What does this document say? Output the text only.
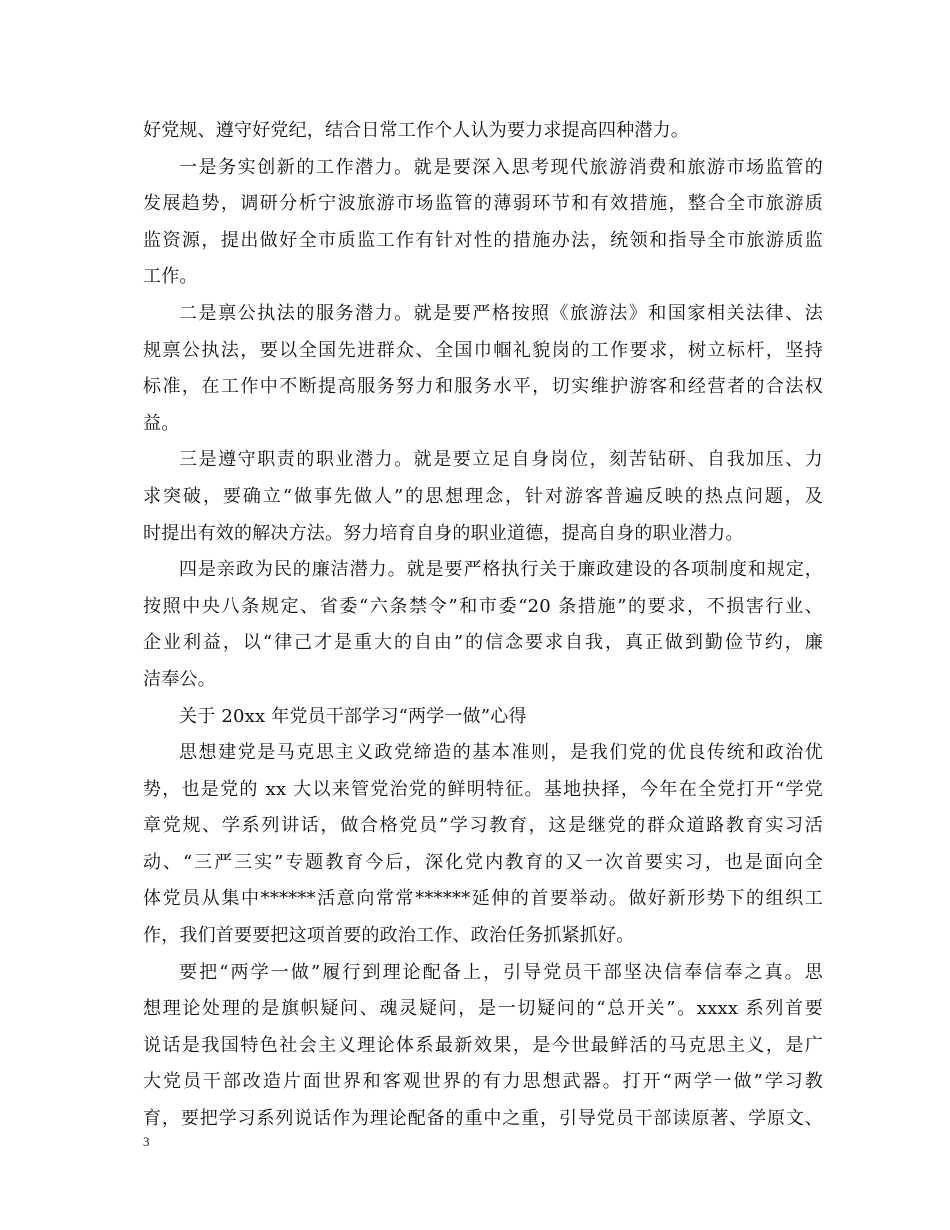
好党规、遵守好党纪，结合日常工作个人认为要力求提高四种潜力。
一是务实创新的工作潜力。就是要深入思考现代旅游消费和旅游市场监管的
发展趋势，调研分析宁波旅游市场监管的薄弱环节和有效措施，整合全市旅游质
监资源，提出做好全市质监工作有针对性的措施办法，统领和指导全市旅游质监
工作。
二是禀公执法的服务潜力。就是要严格按照《旅游法》和国家相关法律、法
规禀公执法，要以全国先进群众、全国巾帼礼貌岗的工作要求，树立标杆，坚持
标准，在工作中不断提高服务努力和服务水平，切实维护游客和经营者的合法权
益。
三是遵守职责的职业潜力。就是要立足自身岗位，刻苦钻研、自我加压、力
求突破，要确立“做事先做人”的思想理念，针对游客普遍反映的热点问题，及
时提出有效的解决方法。努力培育自身的职业道德，提高自身的职业潜力。
四是亲政为民的廉洁潜力。就是要严格执行关于廉政建设的各项制度和规定，
按照中央八条规定、省委“六条禁令”和市委“20 条措施”的要求，不损害行业、
企业利益，以“律己才是重大的自由”的信念要求自我，真正做到勤俭节约，廉
洁奉公。
关于 20xx 年党员干部学习“两学一做”心得
思想建党是马克思主义政党缔造的基本准则，是我们党的优良传统和政治优
势，也是党的 xx 大以来管党治党的鲜明特征。基地抉择，今年在全党打开“学党
章党规、学系列讲话，做合格党员”学习教育，这是继党的群众道路教育实习活
动、“三严三实”专题教育今后，深化党内教育的又一次首要实习，也是面向全
体党员从集中******活意向常常******延伸的首要举动。做好新形势下的组织工
作，我们首要要把这项首要的政治工作、政治任务抓紧抓好。
要把“两学一做”履行到理论配备上，引导党员干部坚决信奉信奉之真。思
想理论处理的是旗帜疑问、魂灵疑问，是一切疑问的“总开关”。xxxx 系列首要
说话是我国特色社会主义理论体系最新效果，是今世最鲜活的马克思主义，是广
大党员干部改造片面世界和客观世界的有力思想武器。打开“两学一做”学习教
育，要把学习系列说话作为理论配备的重中之重，引导党员干部读原著、学原文、
3
